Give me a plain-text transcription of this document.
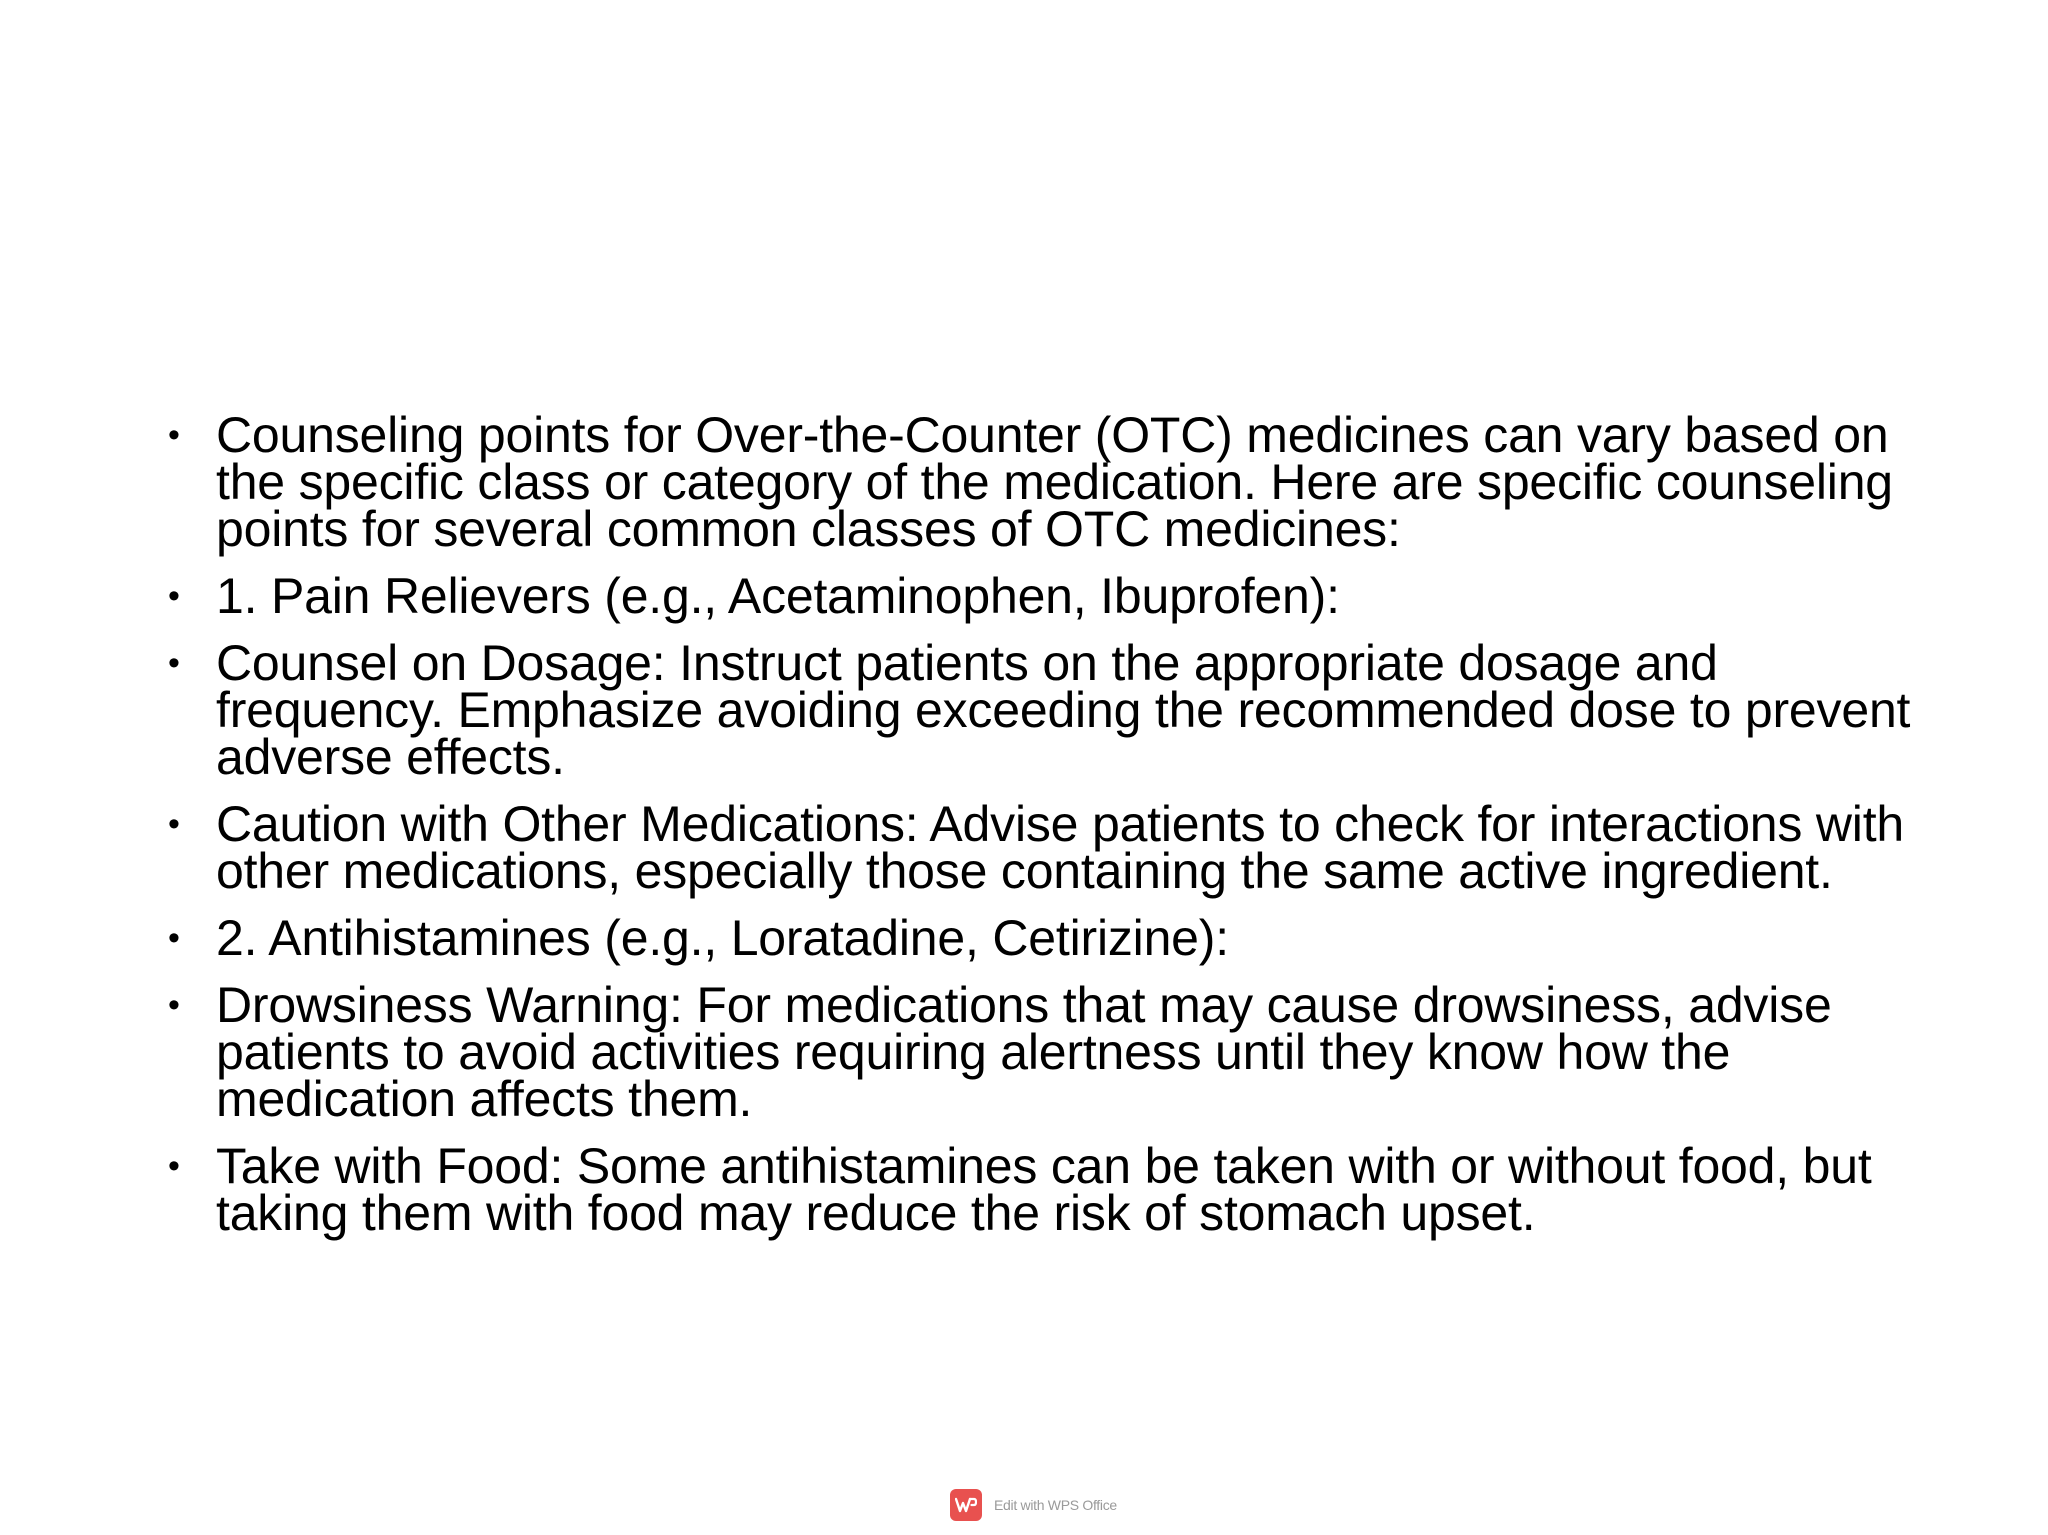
• Counseling points for Over-the-Counter (OTC) medicines can vary based on the specific class or category of the medication. Here are specific counseling points for several common classes of OTC medicines:
• 1. Pain Relievers (e.g., Acetaminophen, Ibuprofen):
• Counsel on Dosage: Instruct patients on the appropriate dosage and frequency. Emphasize avoiding exceeding the recommended dose to prevent adverse effects.
• Caution with Other Medications: Advise patients to check for interactions with other medications, especially those containing the same active ingredient.
• 2. Antihistamines (e.g., Loratadine, Cetirizine):
• Drowsiness Warning: For medications that may cause drowsiness, advise patients to avoid activities requiring alertness until they know how the medication affects them.
• Take with Food: Some antihistamines can be taken with or without food, but taking them with food may reduce the risk of stomach upset.
Edit with WPS Office
